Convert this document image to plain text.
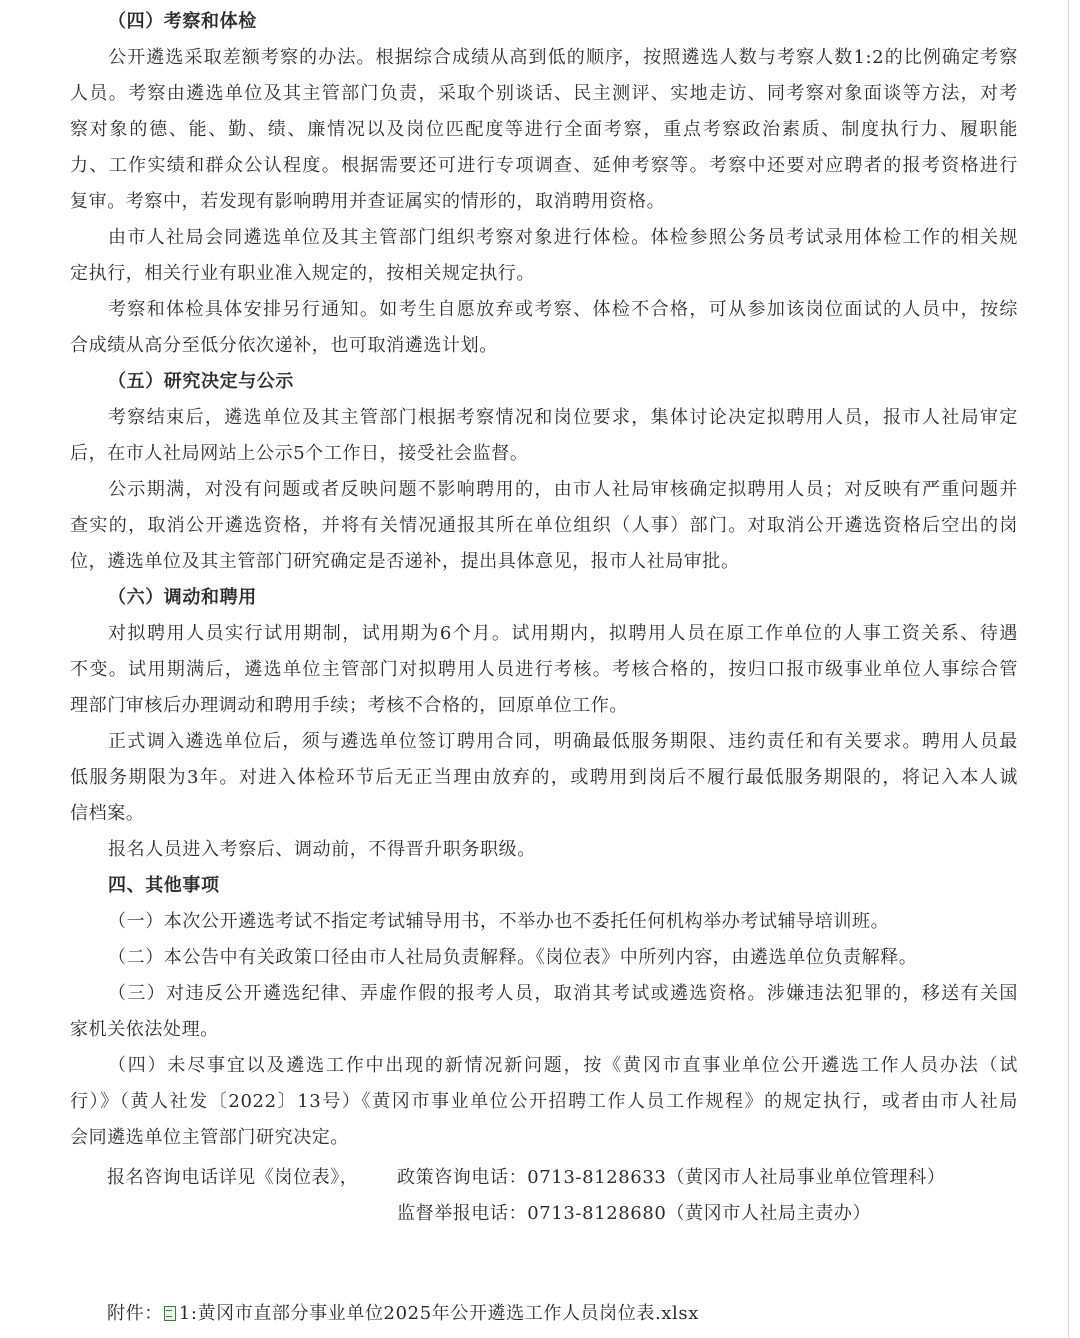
（四）考察和体检
公开遴选采取差额考察的办法。根据综合成绩从高到低的顺序，按照遴选人数与考察人数1:2的比例确定考察
人员。考察由遴选单位及其主管部门负责，采取个别谈话、民主测评、实地走访、同考察对象面谈等方法，对考
察对象的德、能、勤、绩、廉情况以及岗位匹配度等进行全面考察，重点考察政治素质、制度执行力、履职能
力、工作实绩和群众公认程度。根据需要还可进行专项调查、延伸考察等。考察中还要对应聘者的报考资格进行
复审。考察中，若发现有影响聘用并查证属实的情形的，取消聘用资格。
由市人社局会同遴选单位及其主管部门组织考察对象进行体检。体检参照公务员考试录用体检工作的相关规
定执行，相关行业有职业准入规定的，按相关规定执行。
考察和体检具体安排另行通知。如考生自愿放弃或考察、体检不合格，可从参加该岗位面试的人员中，按综
合成绩从高分至低分依次递补，也可取消遴选计划。
（五）研究决定与公示
考察结束后，遴选单位及其主管部门根据考察情况和岗位要求，集体讨论决定拟聘用人员，报市人社局审定
后，在市人社局网站上公示5个工作日，接受社会监督。
公示期满，对没有问题或者反映问题不影响聘用的，由市人社局审核确定拟聘用人员；对反映有严重问题并
查实的，取消公开遴选资格，并将有关情况通报其所在单位组织（人事）部门。对取消公开遴选资格后空出的岗
位，遴选单位及其主管部门研究确定是否递补，提出具体意见，报市人社局审批。
（六）调动和聘用
对拟聘用人员实行试用期制，试用期为6个月。试用期内，拟聘用人员在原工作单位的人事工资关系、待遇
不变。试用期满后，遴选单位主管部门对拟聘用人员进行考核。考核合格的，按归口报市级事业单位人事综合管
理部门审核后办理调动和聘用手续；考核不合格的，回原单位工作。
正式调入遴选单位后，须与遴选单位签订聘用合同，明确最低服务期限、违约责任和有关要求。聘用人员最
低服务期限为3年。对进入体检环节后无正当理由放弃的，或聘用到岗后不履行最低服务期限的，将记入本人诚
信档案。
报名人员进入考察后、调动前，不得晋升职务职级。
四、其他事项
（一）本次公开遴选考试不指定考试辅导用书，不举办也不委托任何机构举办考试辅导培训班。
（二）本公告中有关政策口径由市人社局负责解释。《岗位表》中所列内容，由遴选单位负责解释。
（三）对违反公开遴选纪律、弄虚作假的报考人员，取消其考试或遴选资格。涉嫌违法犯罪的，移送有关国
家机关依法处理。
（四）未尽事宜以及遴选工作中出现的新情况新问题，按《黄冈市直事业单位公开遴选工作人员办法（试
行）》（黄人社发〔2022〕13号）《黄冈市事业单位公开招聘工作人员工作规程》的规定执行，或者由市人社局
会同遴选单位主管部门研究决定。
报名咨询电话详见《岗位表》， 政策咨询电话：0713-8128633（黄冈市人社局事业单位管理科）
监督举报电话：0713-8128680（黄冈市人社局主责办）
附件： 1:黄冈市直部分事业单位2025年公开遴选工作人员岗位表.xlsx
